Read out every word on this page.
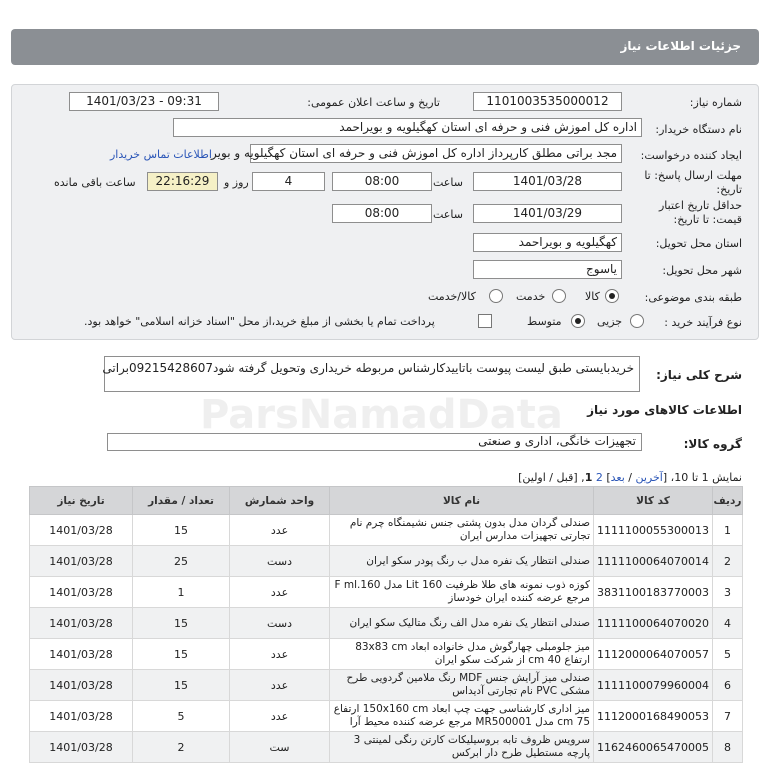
جزئیات اطلاعات نیاز
شماره نیاز:
1101003535000012
تاریخ و ساعت اعلان عمومی:
1401/03/23 - 09:31
نام دستگاه خریدار:
اداره کل اموزش فنی و حرفه ای استان کهگیلویه و بویراحمد
ایجاد کننده درخواست:
مجد براتی مطلق کارپرداز اداره کل اموزش فنی و حرفه ای استان کهگیلویه و بویر
اطلاعات تماس خریدار
مهلت ارسال پاسخ: تا تاریخ:
1401/03/28
ساعت
08:00
4
روز و
22:16:29
ساعت باقی مانده
حداقل تاریخ اعتبار قیمت: تا تاریخ:
1401/03/29
ساعت
08:00
استان محل تحویل:
کهگیلویه و بویراحمد
شهر محل تحویل:
یاسوج
طبقه بندی موضوعی:
کالا
خدمت
کالا/خدمت
نوع فرآیند خرید :
جزیی
متوسط
پرداخت تمام یا بخشی از مبلغ خرید،از محل "اسناد خزانه اسلامی" خواهد بود.
شرح کلی نیاز:
خریدبایستی طبق لیست پیوست باتاییدکارشناس مربوطه خریداری وتحویل گرفته شود09215428607براتی
اطلاعات کالاهای مورد نیاز
ParsNamadData
گروه کالا:
تجهیزات خانگی، اداری و صنعتی
نمایش 1 تا 10، [آخرین / بعد] 2 1, [قبل / اولین]
ردیف	کد کالا	نام کالا	واحد شمارش	تعداد / مقدار	تاریخ نیاز
1	1111100055300013	صندلی گردان مدل بدون پشتی جنس نشیمنگاه چرم نام تجارتی تجهیزات مدارس ایران	عدد	15	1401/03/28
2	1111100064070014	صندلی انتظار یک نفره مدل ب رنگ پودر سکو ایران	دست	25	1401/03/28
3	3831100183770003	کوزه ذوب نمونه های طلا ظرفیت Lit 160 مدل F ml.160 مرجع عرضه کننده ایران خودساز	عدد	1	1401/03/28
4	1111100064070020	صندلی انتظار یک نفره مدل الف رنگ متالیک سکو ایران	دست	15	1401/03/28
5	1112000064070057	میز جلومبلی چهارگوش مدل خانواده ابعاد 83x83 cm ارتفاع 40 cm از شرکت سکو ایران	عدد	15	1401/03/28
6	1111100079960004	صندلی میز آرایش جنس MDF رنگ ملامین گردویی طرح مشکی PVC نام تجارتی آدیداس	عدد	15	1401/03/28
7	1112000168490053	میز اداری کارشناسی جهت چپ ابعاد 150x160 cm ارتفاع 75 cm مدل MR500001 مرجع عرضه کننده محیط آرا	عدد	5	1401/03/28
8	1162460065470005	سرویس ظروف تابه بروسیلیکات کارتن رنگی لمینتی 3 پارچه مستطیل طرح دار ابرکس	ست	2	1401/03/28
